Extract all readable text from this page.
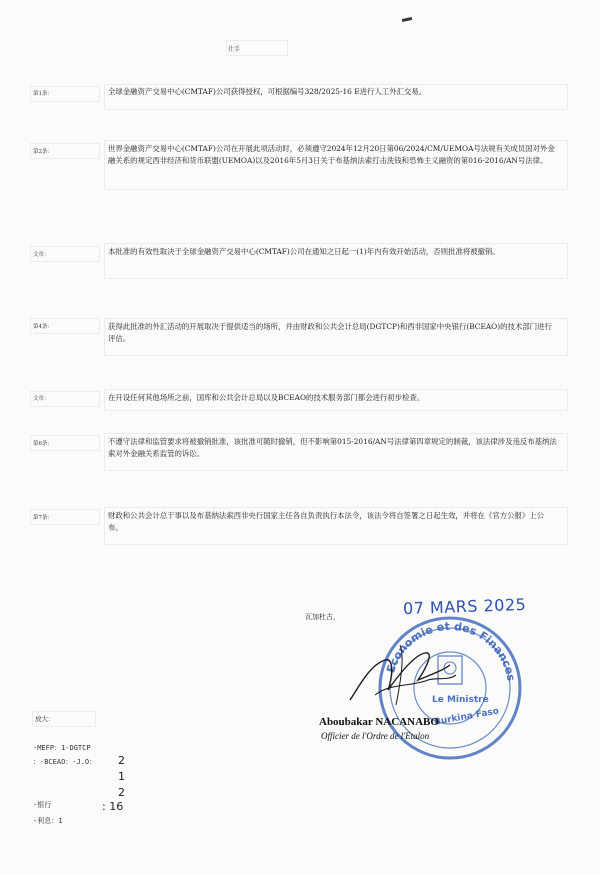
仕手
第1条：	全球金融资产交易中心(CMTAF)公司获得授权，可根据编号328/2025-16 E进行人工外汇交易。
第2条：	世界金融资产交易中心(CMTAF)公司在开展此项活动时，必须遵守2024年12月20日第06/2024/CM/UEMOA号法规有关成员国对外金融关系的规定西非经济和货币联盟(UEMOA)以及2016年5月3日关于布基纳法索打击洗钱和恐怖主义融资的第016-2016/AN号法律。
文章：	本批准的有效性取决于全球金融资产交易中心(CMTAF)公司在通知之日起一(1)年内有效开始活动，否则批准将被撤销。
第4条：	获得此批准的外汇活动的开展取决于提供适当的场所，并由财政和公共会计总局(DGTCP)和西非国家中央银行(BCEAO)的技术部门进行评估。
文章：	在开设任何其他场所之前，国库和公共会计总局以及BCEAO的技术服务部门都会进行初步检查。
第6条：	不遵守法律和监管要求将被撤销批准，该批准可随时撤销，但不影响第015-2016/AN号法律第四章规定的制裁，该法律涉及违反布基纳法索对外金融关系监管的诉讼。
第7条：	财政和公共会计总干事以及布基纳法索西非央行国家主任各自负责执行本法令，该法令将自签署之日起生效，并将在《官方公报》上公布。
07 MARS 2025
瓦加杜古，
Economie et des Finances
Le Ministre
Burkina Faso
Aboubakar NACANABO
Officier de l'Ordre de l'Etalon
放大：
-MEFP：1-DGTCP
：-BCEAO：-J.O：
-银行
-利息：1
2
1
2
: 16
